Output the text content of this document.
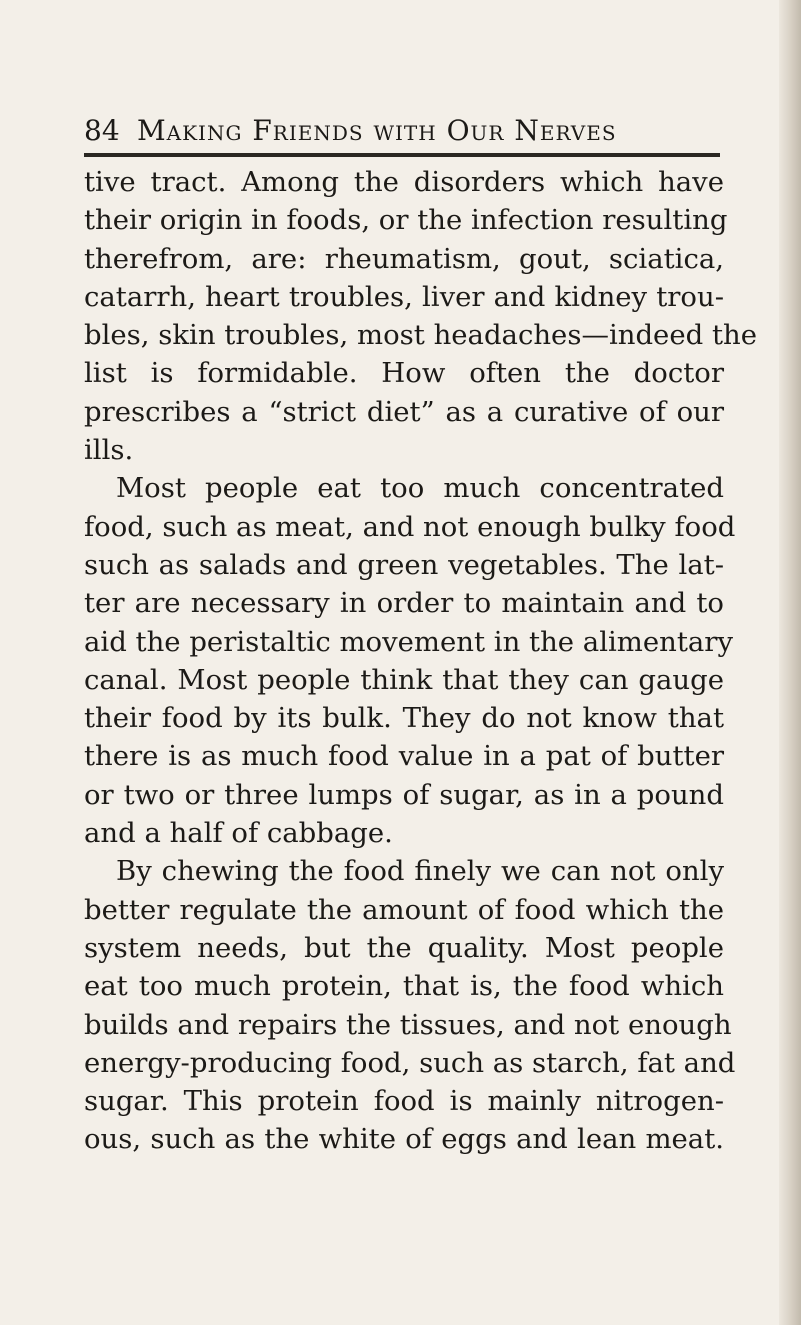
84 Making Friends with Our Nerves
tive tract. Among the disorders which have
their origin in foods, or the infection resulting
therefrom, are: rheumatism, gout, sciatica,
catarrh, heart troubles, liver and kidney trou-
bles, skin troubles, most headaches—indeed the
list is formidable. How often the doctor
prescribes a “strict diet” as a curative of our
ills.
Most people eat too much concentrated
food, such as meat, and not enough bulky food
such as salads and green vegetables. The lat-
ter are necessary in order to maintain and to
aid the peristaltic movement in the alimentary
canal. Most people think that they can gauge
their food by its bulk. They do not know that
there is as much food value in a pat of butter
or two or three lumps of sugar, as in a pound
and a half of cabbage.
By chewing the food finely we can not only
better regulate the amount of food which the
system needs, but the quality. Most people
eat too much protein, that is, the food which
builds and repairs the tissues, and not enough
energy-producing food, such as starch, fat and
sugar. This protein food is mainly nitrogen-
ous, such as the white of eggs and lean meat.
